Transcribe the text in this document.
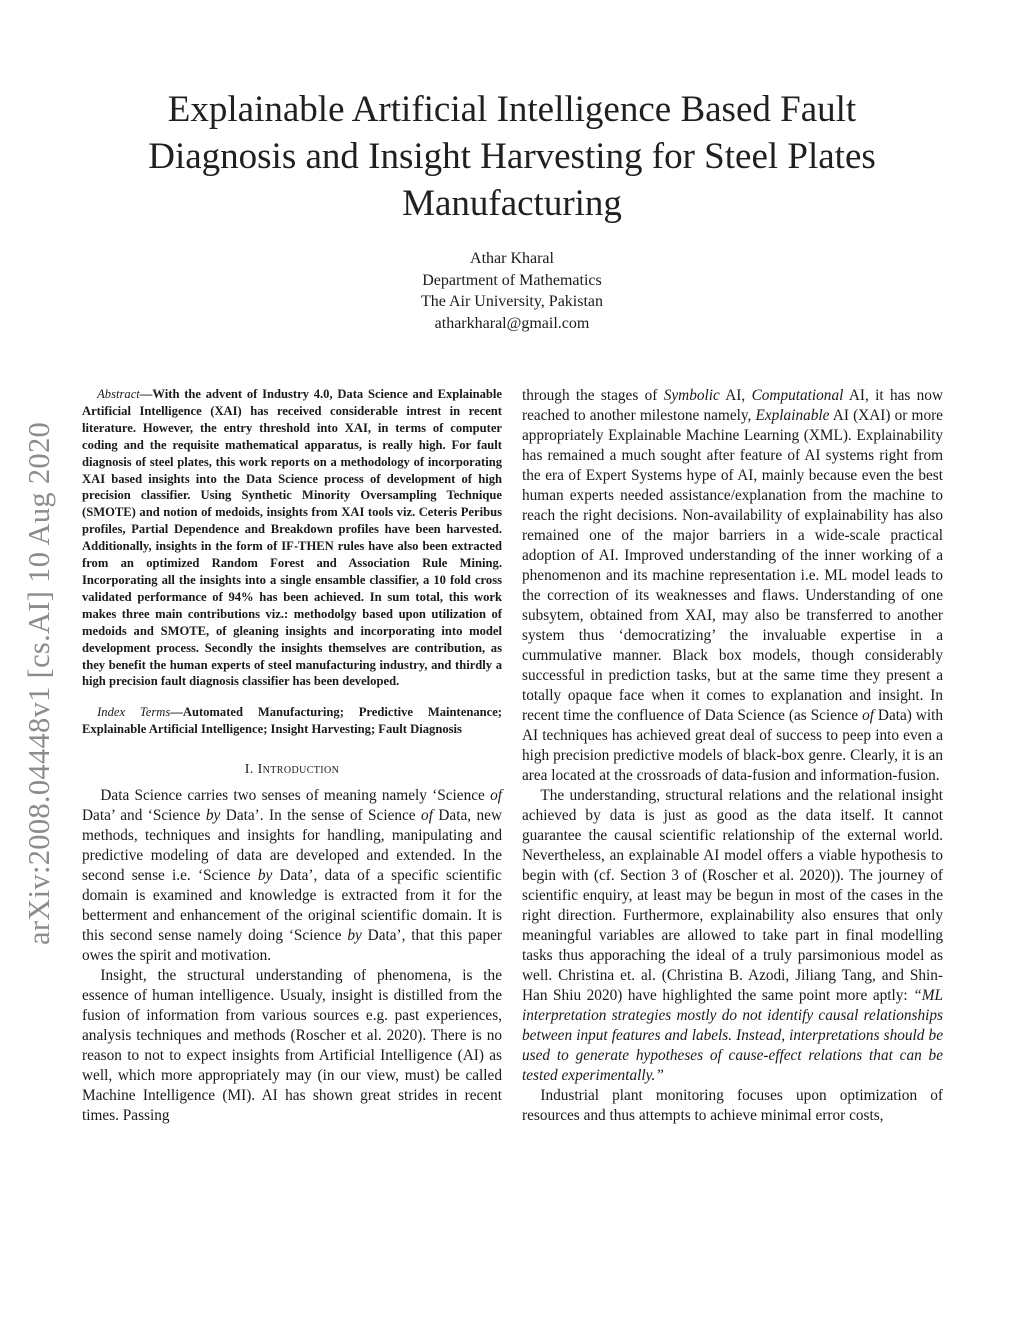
Explainable Artificial Intelligence Based Fault
Diagnosis and Insight Harvesting for Steel Plates
Manufacturing
Athar Kharal
Department of Mathematics
The Air University, Pakistan
atharkharal@gmail.com
arXiv:2008.04448v1 [cs.AI] 10 Aug 2020

Abstract—With the advent of Industry 4.0, Data Science and Explainable Artificial Intelligence (XAI) has received considerable intrest in recent literature. However, the entry threshold into XAI, in terms of computer coding and the requisite mathematical apparatus, is really high. For fault diagnosis of steel plates, this work reports on a methodology of incorporating XAI based insights into the Data Science process of development of high precision classifier. Using Synthetic Minority Oversampling Technique (SMOTE) and notion of medoids, insights from XAI tools viz. Ceteris Peribus profiles, Partial Dependence and Breakdown profiles have been harvested. Additionally, insights in the form of IF-THEN rules have also been extracted from an optimized Random Forest and Association Rule Mining. Incorporating all the insights into a single ensamble classifier, a 10 fold cross validated performance of 94% has been achieved. In sum total, this work makes three main contributions viz.: methodolgy based upon utilization of medoids and SMOTE, of gleaning insights and incorporating into model development process. Secondly the insights themselves are contribution, as they benefit the human experts of steel manufacturing industry, and thirdly a high precision fault diagnosis classifier has been developed.

Index Terms—Automated Manufacturing; Predictive Maintenance; Explainable Artificial Intelligence; Insight Harvesting; Fault Diagnosis

I. Introduction

Data Science carries two senses of meaning namely ‘Science of Data’ and ‘Science by Data’. In the sense of Science of Data, new methods, techniques and insights for handling, manipulating and predictive modeling of data are developed and extended. In the second sense i.e. ‘Science by Data’, data of a specific scientific domain is examined and knowledge is extracted from it for the betterment and enhancement of the original scientific domain. It is this second sense namely doing ‘Science by Data’, that this paper owes the spirit and motivation.

Insight, the structural understanding of phenomena, is the essence of human intelligence. Usualy, insight is distilled from the fusion of information from various sources e.g. past experiences, analysis techniques and methods (Roscher et al. 2020). There is no reason to not to expect insights from Artificial Intelligence (AI) as well, which more appropriately may (in our view, must) be called Machine Intelligence (MI). AI has shown great strides in recent times. Passing

through the stages of Symbolic AI, Computational AI, it has now reached to another milestone namely, Explainable AI (XAI) or more appropriately Explainable Machine Learning (XML). Explainability has remained a much sought after feature of AI systems right from the era of Expert Systems hype of AI, mainly because even the best human experts needed assistance/explanation from the machine to reach the right decisions. Non-availability of explainability has also remained one of the major barriers in a wide-scale practical adoption of AI. Improved understanding of the inner working of a phenomenon and its machine representation i.e. ML model leads to the correction of its weaknesses and flaws. Understanding of one subsytem, obtained from XAI, may also be transferred to another system thus ‘democratizing’ the invaluable expertise in a cummulative manner. Black box models, though considerably successful in prediction tasks, but at the same time they present a totally opaque face when it comes to explanation and insight. In recent time the confluence of Data Science (as Science of Data) with AI techniques has achieved great deal of success to peep into even a high precision predictive models of black-box genre. Clearly, it is an area located at the crossroads of data-fusion and information-fusion.

The understanding, structural relations and the relational insight achieved by data is just as good as the data itself. It cannot guarantee the causal scientific relationship of the external world. Nevertheless, an explainable AI model offers a viable hypothesis to begin with (cf. Section 3 of (Roscher et al. 2020)). The journey of scientific enquiry, at least may be begun in most of the cases in the right direction. Furthermore, explainability also ensures that only meaningful variables are allowed to take part in final modelling tasks thus apporaching the ideal of a truly parsimonious model as well. Christina et. al. (Christina B. Azodi, Jiliang Tang, and Shin-Han Shiu 2020) have highlighted the same point more aptly: “ML interpretation strategies mostly do not identify causal relationships between input features and labels. Instead, interpretations should be used to generate hypotheses of cause-effect relations that can be tested experimentally.”

Industrial plant monitoring focuses upon optimization of resources and thus attempts to achieve minimal error costs,
